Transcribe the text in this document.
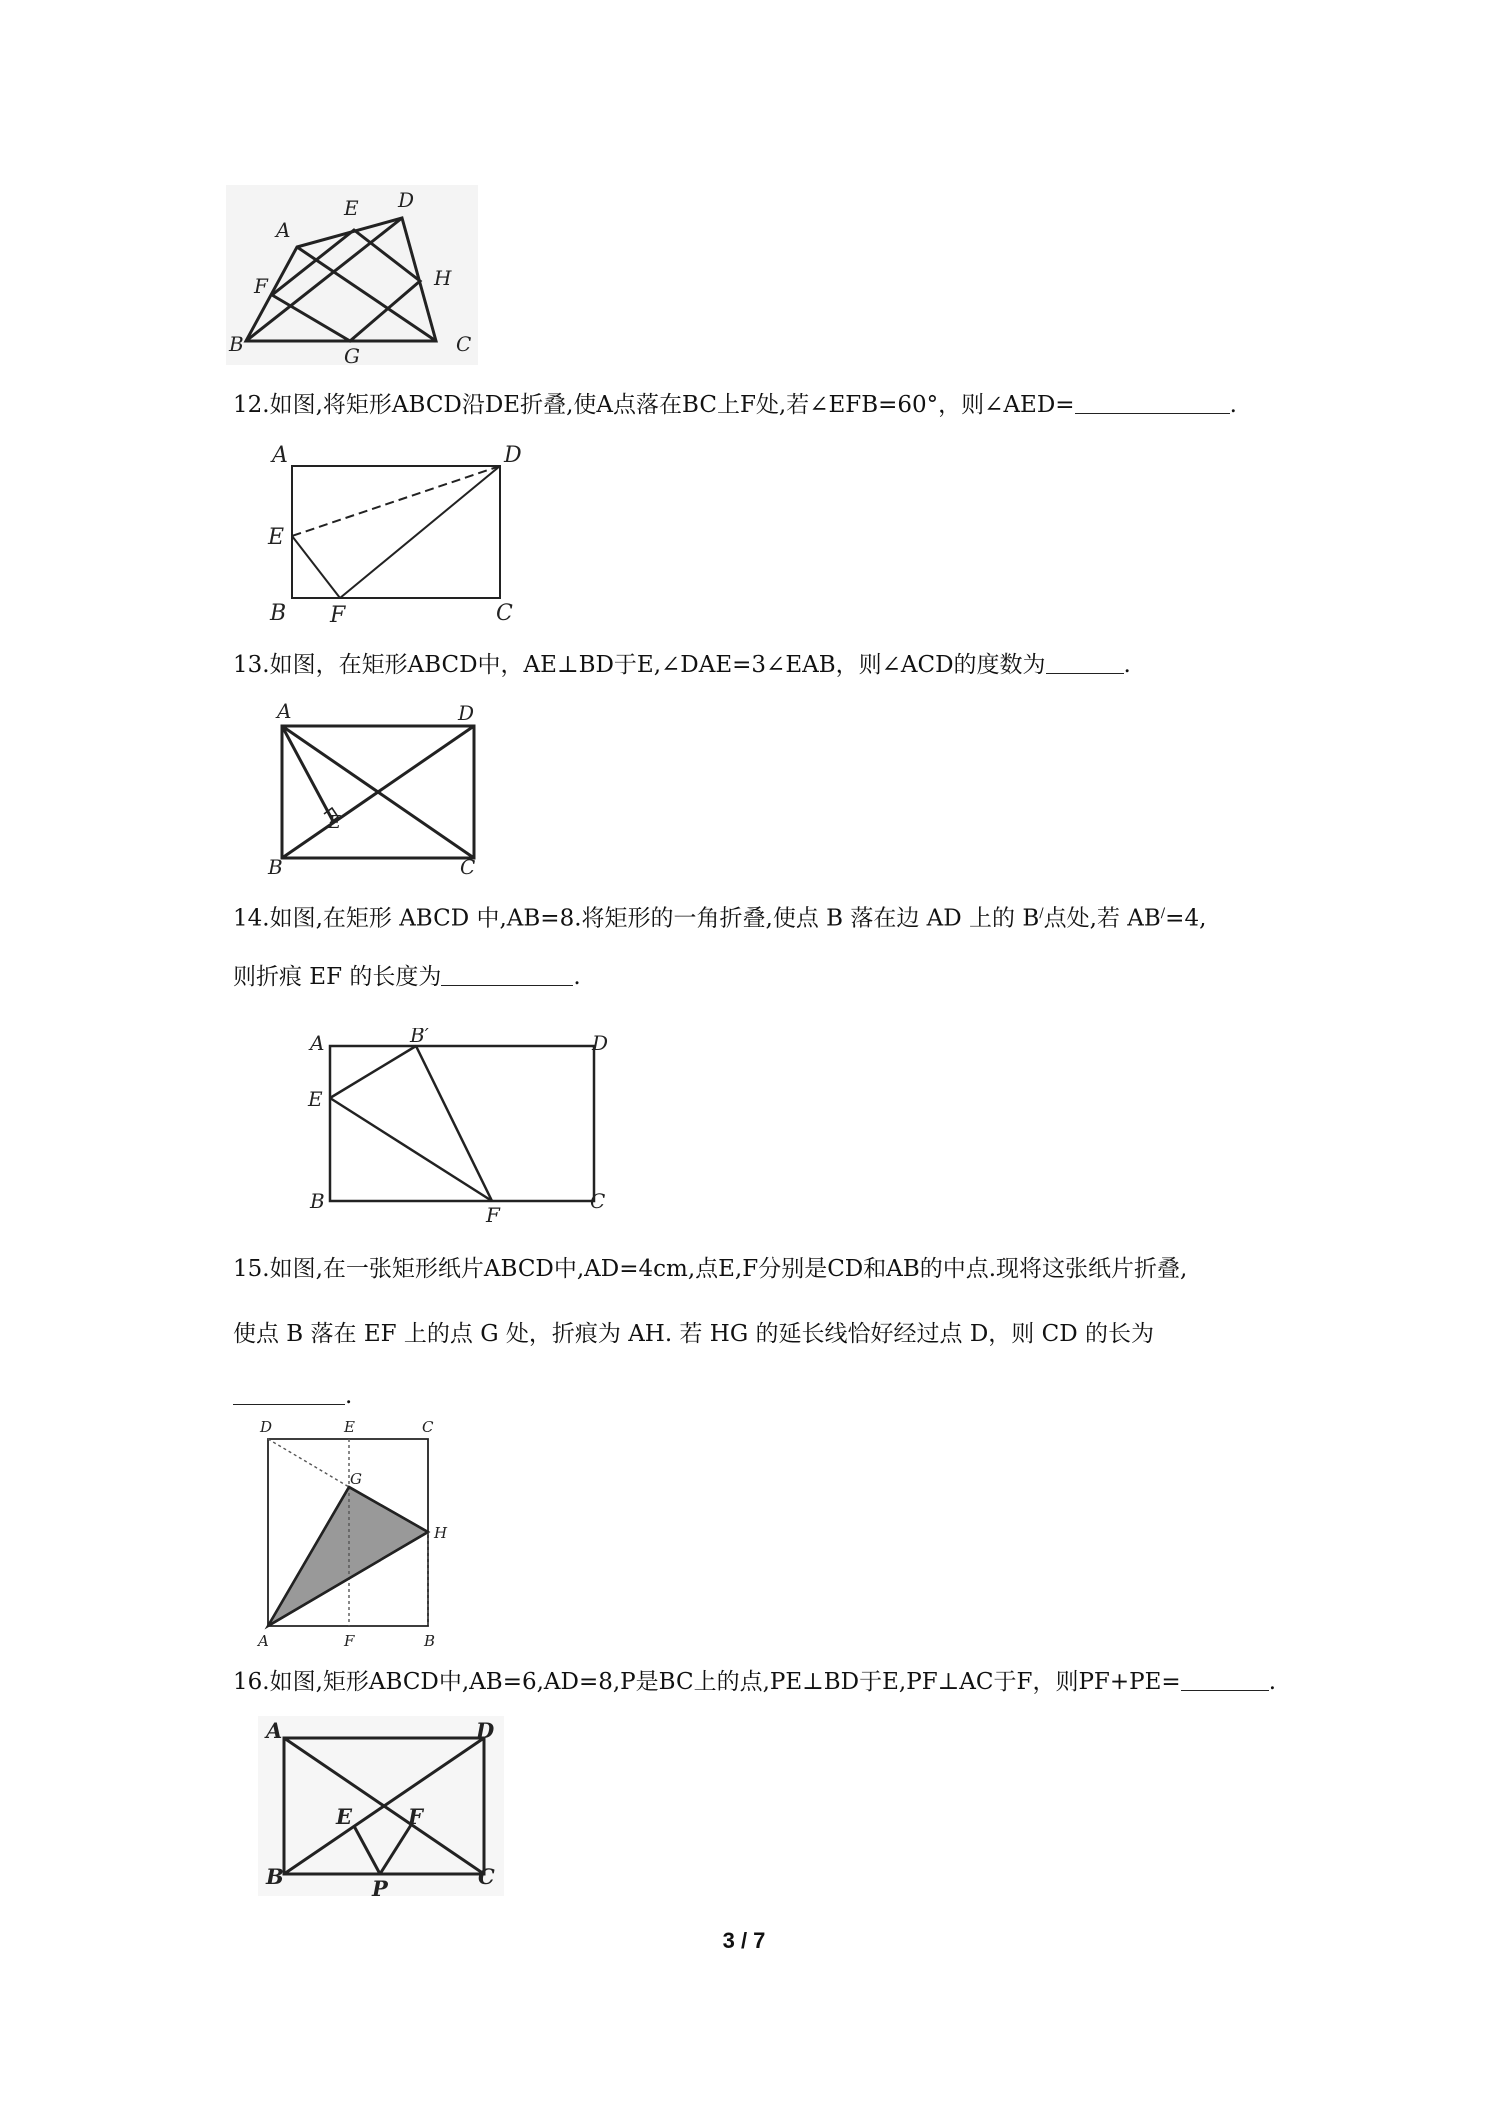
A
E D
F	H
B	G	C
12.如图,将矩形ABCD沿DE折叠,使A点落在BC上F处,若∠EFB=60°，则∠AED=	.
A	D
E
B F	C
13.如图，在矩形ABCD中，AE⊥BD于E,∠DAE=3∠EAB，则∠ACD的度数为	.
A	D
E
B	C
14.如图,在矩形 ABCD 中,AB=8.将矩形的一角折叠,使点 B 落在边 AD 上的 B/点处,若 AB/=4,
则折痕 EF 的长度为	.
A	B′	D
E
B
F
C
15.如图,在一张矩形纸片ABCD中,AD=4cm,点E,F分别是CD和AB的中点.现将这张纸片折叠,
使点 B 落在 EF 上的点 G 处，折痕为 AH. 若 HG 的延长线恰好经过点 D，则 CD 的长为
.
D	E	C
G
H
A	F	B
16.如图,矩形ABCD中,AB=6,AD=8,P是BC上的点,PE⊥BD于E,PF⊥AC于F，则PF+PE=	.
A	D
E	F
B	P	C
3 / 7
